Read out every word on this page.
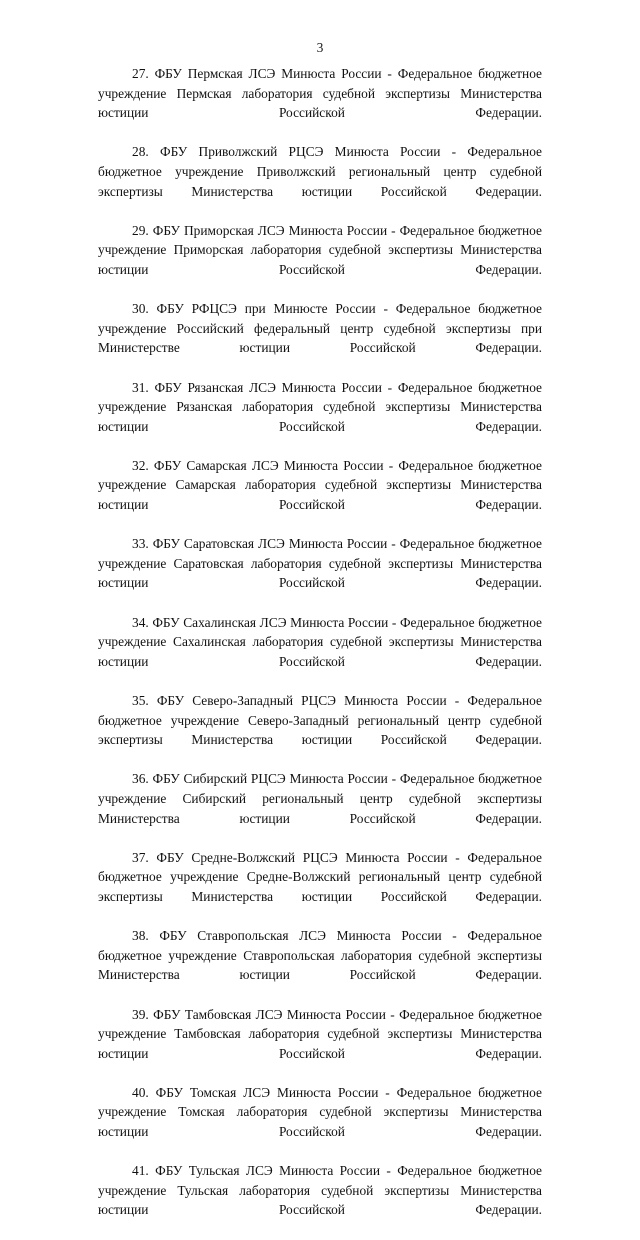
3

27. ФБУ Пермская ЛСЭ Минюста России - Федеральное бюджетное учреждение Пермская лаборатория судебной экспертизы Министерства юстиции Российской Федерации.

28. ФБУ Приволжский РЦСЭ Минюста России - Федеральное бюджетное учреждение Приволжский региональный центр судебной экспертизы Министерства юстиции Российской Федерации.

29. ФБУ Приморская ЛСЭ Минюста России - Федеральное бюджетное учреждение Приморская лаборатория судебной экспертизы Министерства юстиции Российской Федерации.

30. ФБУ РФЦСЭ при Минюсте России - Федеральное бюджетное учреждение Российский федеральный центр судебной экспертизы при Министерстве юстиции Российской Федерации.

31. ФБУ Рязанская ЛСЭ Минюста России - Федеральное бюджетное учреждение Рязанская лаборатория судебной экспертизы Министерства юстиции Российской Федерации.

32. ФБУ Самарская ЛСЭ Минюста России - Федеральное бюджетное учреждение Самарская лаборатория судебной экспертизы Министерства юстиции Российской Федерации.

33. ФБУ Саратовская ЛСЭ Минюста России - Федеральное бюджетное учреждение Саратовская лаборатория судебной экспертизы Министерства юстиции Российской Федерации.

34. ФБУ Сахалинская ЛСЭ Минюста России - Федеральное бюджетное учреждение Сахалинская лаборатория судебной экспертизы Министерства юстиции Российской Федерации.

35. ФБУ Северо-Западный РЦСЭ Минюста России - Федеральное бюджетное учреждение Северо-Западный региональный центр судебной экспертизы Министерства юстиции Российской Федерации.

36. ФБУ Сибирский РЦСЭ Минюста России - Федеральное бюджетное учреждение Сибирский региональный центр судебной экспертизы Министерства юстиции Российской Федерации.

37. ФБУ Средне-Волжский РЦСЭ Минюста России - Федеральное бюджетное учреждение Средне-Волжский региональный центр судебной экспертизы Министерства юстиции Российской Федерации.

38. ФБУ Ставропольская ЛСЭ Минюста России - Федеральное бюджетное учреждение Ставропольская лаборатория судебной экспертизы Министерства юстиции Российской Федерации.

39. ФБУ Тамбовская ЛСЭ Минюста России - Федеральное бюджетное учреждение Тамбовская лаборатория судебной экспертизы Министерства юстиции Российской Федерации.

40. ФБУ Томская ЛСЭ Минюста России - Федеральное бюджетное учреждение Томская лаборатория судебной экспертизы Министерства юстиции Российской Федерации.

41. ФБУ Тульская ЛСЭ Минюста России - Федеральное бюджетное учреждение Тульская лаборатория судебной экспертизы Министерства юстиции Российской Федерации.
